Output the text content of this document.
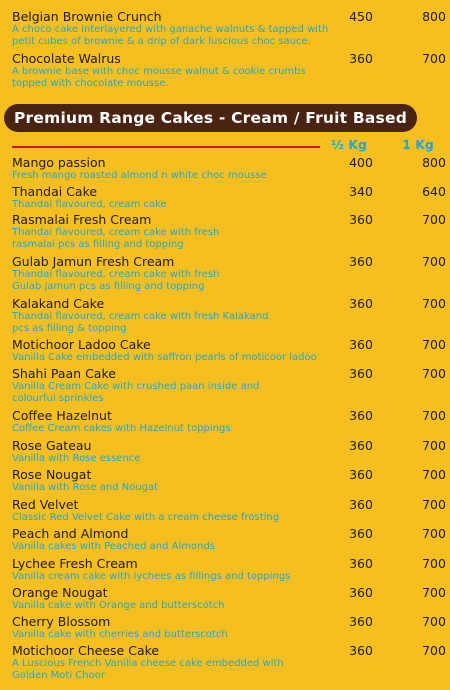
Belgian Brownie Crunch
A choco cake interlayered with ganache walnuts & tapped with petit cubes of brownie & a drip of dark luscious choc sauce.
450	800
Chocolate Walrus
A brownie base with choc mousse walnut & cookie crumbs topped with chocolate mousse.
360	700
Premium Range Cakes - Cream / Fruit Based
½ Kg	1 Kg
Mango passion
Fresh mango roasted almond n white choc mousse
400	800
Thandai Cake
Thandai flavoured, cream cake
340	640
Rasmalai Fresh Cream
Thandai flavoured, cream cake with fresh rasmalai pcs as filling and topping
360	700
Gulab Jamun Fresh Cream
Thandai flavoured, cream cake with fresh Gulab jamun pcs as filling and topping
360	700
Kalakand Cake
Thandai flavoured, cream cake with fresh Kalakand pcs as filling & topping
360	700
Motichoor Ladoo Cake
Vanilla Cake embedded with saffron pearls of moticoor ladoo
360	700
Shahi Paan Cake
Vanilla Cream Cake with crushed paan inside and colourful sprinkles
360	700
Coffee Hazelnut
Coffee Cream cakes with Hazelnut toppings
360	700
Rose Gateau
Vanilla with Rose essence
360	700
Rose Nougat
Vanilla with Rose and Nougat
360	700
Red Velvet
Classic Red Velvet Cake with a cream cheese frosting
360	700
Peach and Almond
Vanilla cakes with Peached and Almonds
360	700
Lychee Fresh Cream
Vanilla cream cake with lychees as fillings and toppings
360	700
Orange Nougat
Vanilla cake with Orange and butterscotch
360	700
Cherry Blossom
Vanilla cake with cherries and butterscotch
360	700
Motichoor Cheese Cake
A Luscious French Vanilla cheese cake embedded with Golden Moti Choor
360	700
